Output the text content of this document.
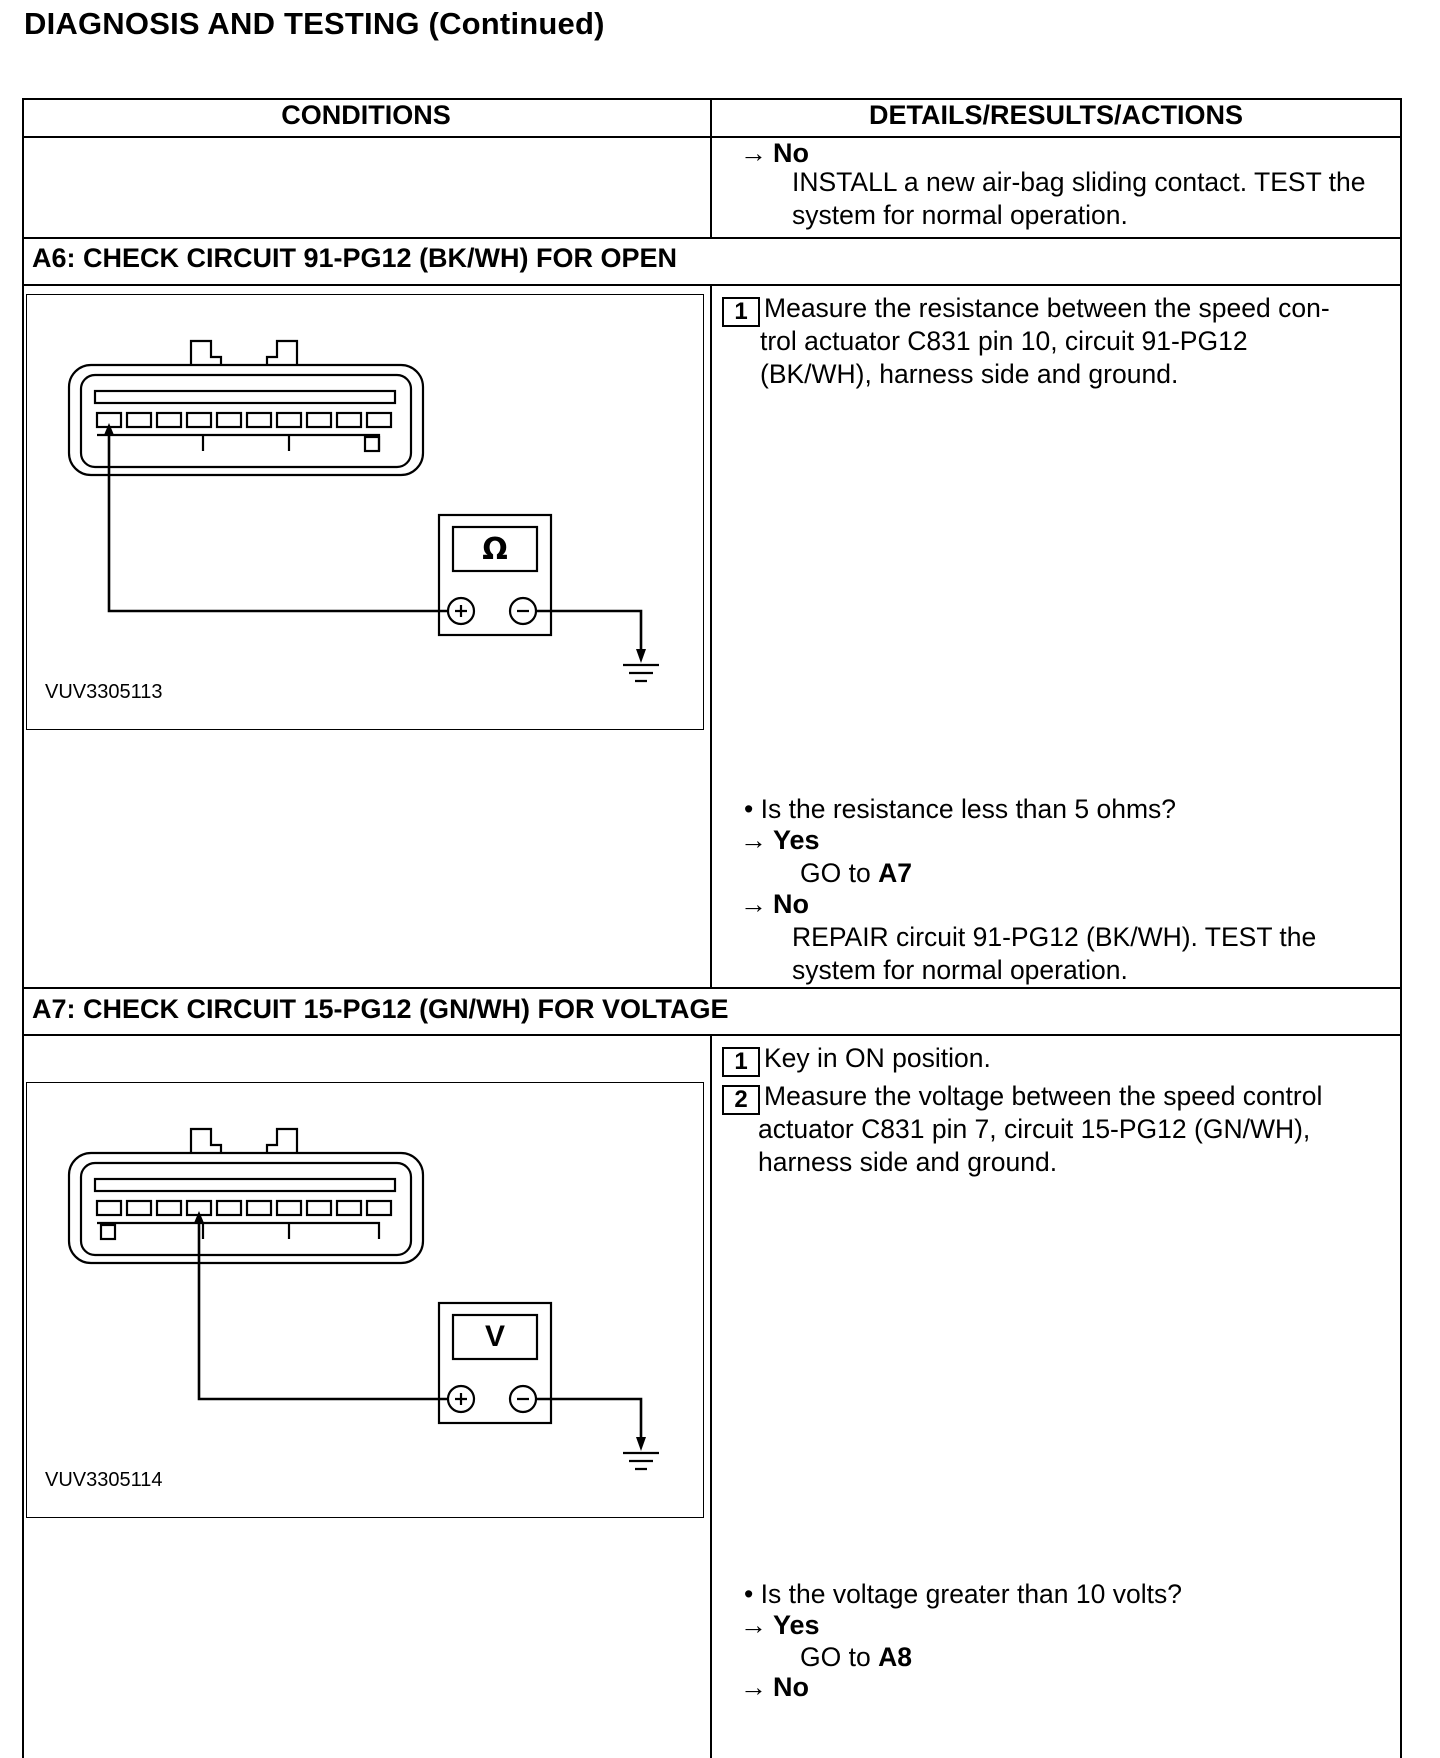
DIAGNOSIS AND TESTING (Continued)
CONDITIONS	DETAILS/RESULTS/ACTIONS
→ No
INSTALL a new air-bag sliding contact. TEST the system for normal operation.
A6: CHECK CIRCUIT 91-PG12 (BK/WH) FOR OPEN
Ω
VUV3305113
1 Measure the resistance between the speed con-
trol actuator C831 pin 10, circuit 91-PG12
(BK/WH), harness side and ground.
• Is the resistance less than 5 ohms?
→ Yes
GO to A7
→ No
REPAIR circuit 91-PG12 (BK/WH). TEST the
system for normal operation.
A7: CHECK CIRCUIT 15-PG12 (GN/WH) FOR VOLTAGE
V
VUV3305114
1 Key in ON position.
2 Measure the voltage between the speed control
actuator C831 pin 7, circuit 15-PG12 (GN/WH),
harness side and ground.
• Is the voltage greater than 10 volts?
→ Yes
GO to A8
→ No
